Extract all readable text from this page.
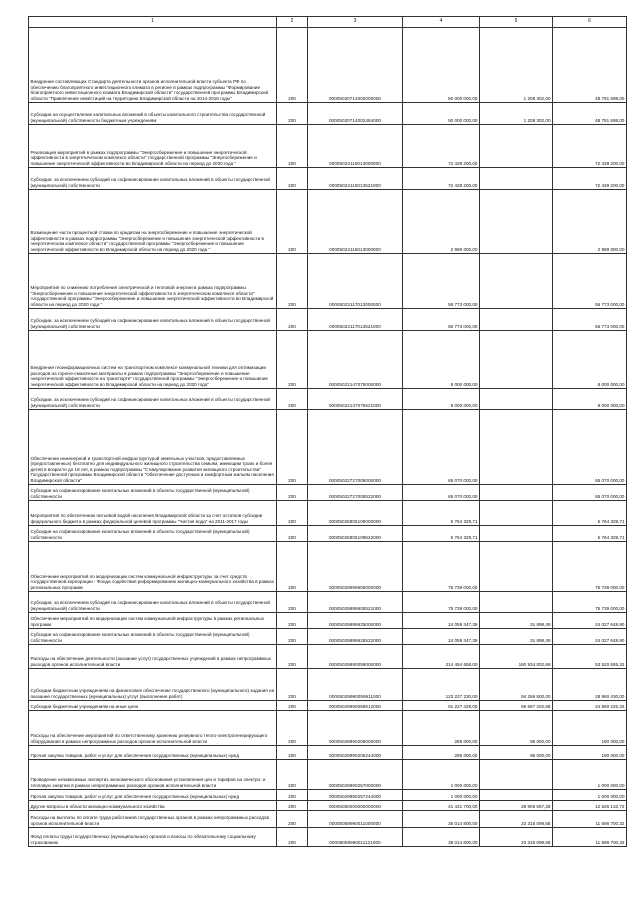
1	2	3	4	5	6
Внедрение составляющих Стандарта деятельности органов исполнительной власти субъекта РФ по обеспечению благоприятного инвестиционного климата в регионе в рамках подпрограммы "Формирование благоприятного инвестиционного климата Владимирской области" государственной программы Владимирской области "Привлечение инвестиций на территорию Владимирской области на 2014-2018 годы"	200	00005020714002000000	50 000 000,00	1 208 302,00	48 791 698,00
Субсидии на осуществление капитальных вложений в объекты капитального строительства государственной (муниципальной) собственности бюджетным учреждениям	200	00005020714002464000	50 000 000,00	1 208 302,00	48 791 698,00
Реализация мероприятий в рамках подпрограммы "Энергосбережение и повышение энергетической эффективности в энергетическом комплексе области" государственной программы "Энергосбережение и повышение энергетической эффективности во Владимирской области на период до 2020 года "	200	00005022115013000000	72 439 200,00		72 439 200,00
Субсидии, за исключением субсидий на софинансирование капитальных вложений в объекты государственной (муниципальной) собственности	200	00005022115013521000	72 439 200,00		72 439 200,00
Возмещение части процентной ставки по кредитам на энергосбережение и повышение энергетической эффективности в рамках подпрограммы "Энергосбережение и повышение энергетической эффективности в энергетическом комплексе области" государственной программы "Энергосбережение и повышение энергетической эффективности во Владимирской области на период до 2020 года "	200	00005022116013000000	2 989 000,00		2 989 000,00
Мероприятия по снижению потребления электрической и тепловой энергии в рамках подпрограммы "Энергосбережение и повышение энергетической эффективности в энергетическом комплексе области" государственной программы "Энергосбережение и повышение энергетической эффективности во Владимирской области на период до 2020 года "	200	00005022117013000000	56 773 000,00		56 773 000,00
Субсидии, за исключением субсидий на софинансирование капитальных вложений в объекты государственной (муниципальной) собственности	200	00005022117013521000	56 773 000,00		56 773 000,00
Внедрение геоинформационных систем на транспортном комплексе коммунальной техники для оптимизации расходов на горюче-смазочные материалы в рамках подпрограммы "Энергосбережение и повышение энергетической эффективности на транспорте" государственной программы "Энергосбережение и повышение энергетической эффективности во Владимирской области на период до 2020 года"	200	00005022147075000000	8 000 000,00		8 000 000,00
Субсидии, за исключением субсидий на софинансирование капитальных вложений в объекты государственной (муниципальной) собственности	200	00005022147075521000	8 000 000,00		8 000 000,00
Обеспечение инженерной и транспортной инфраструктурой земельных участков, предоставляемых (предоставленных) бесплатно для индивидуального жилищного строительства семьям, имеющим троих и более детей в возрасте до 18 лет, в рамках подпрограммы "Стимулирование развития жилищного строительства" Государственной программы Владимирской области "Обеспечение доступным и комфортным жильем населения Владимирской области"	200	00005022727005000000	65 070 000,00		65 070 000,00
Субсидии на софинансирование капитальных вложений в объекты государственной (муниципальной) собственности	200	00005022727005522000	65 070 000,00		65 070 000,00
Мероприятия по обеспечению питьевой водой населения Владимирской области за счет остатков субсидии федерального бюджета в рамках федеральной целевой программы "Чистая вода" на 2011-2017 годы	200	00005026805109000000	5 764 329,71		5 764 329,71
Субсидии на софинансирование капитальных вложений в объекты государственной (муниципальной) собственности	200	00005026805109522000	5 764 329,71		5 764 329,71
Обеспечение мероприятий по модернизации систем коммунальной инфраструктуры за счет средств государственной корпорации - Фонда содействия реформированию жилищно-коммунального хозяйства в рамках региональных программ	200	00005029699605000000	75 739 000,00		75 739 000,00
Субсидии, за исключением субсидий на софинансирование капитальных вложений в объекты государственной (муниципальной) собственности	200	00005029699605521000	75 739 000,00		75 739 000,00
Обеспечение мероприятий по модернизации систем коммунальной инфраструктуры в рамках региональных программ	200	00005029699625000000	24 059 347,39	31 698,49	24 027 648,90
Субсидии на софинансирование капитальных вложений в объекты государственной (муниципальной) собственности	200	00005029699625522000	24 059 347,39	31 698,49	24 027 648,90
Расходы на обеспечение деятельности (оказание услуг) государственных учреждений в рамках непрограммных расходов органов исполнительной власти	200	00005029990059000000	214 454 658,00	160 934 002,68	53 520 655,32
Субсидии бюджетным учреждениям на финансовое обеспечение государственного (муниципального) задания на оказание государственных (муниципальных) услуг (выполнение работ)	200	00005029990059611000	123 227 230,00	94 266 800,00	28 960 430,00
Субсидии бюджетным учреждениям на иные цели	200	00005029990059612000	91 227 428,00	66 667 202,68	24 560 225,32
Расходы на обеспечение мероприятий по ответственному хранению резервного тепло-электрогенерирующего оборудования в рамках непрограммных расходов органов исполнительной власти	200	00005029990206000000	285 000,00	95 000,00	190 000,00
Прочая закупка товаров, работ и услуг для обеспечения государственных (муниципальных) нужд	200	00005029990206244000	285 000,00	95 000,00	190 000,00
Проведение независимых экспертиз экономического обоснования установления цен и тарифов на электро- и тепловую энергию в рамках непрограммных расходов органов исполнительной власти	200	00005029990257000000	1 000 000,00		1 000 000,00
Прочая закупка товаров, работ и услуг для обеспечения государственных (муниципальных) нужд	200	00005029990257244000	1 000 000,00		1 000 000,00
Другие вопросы в области жилищно-коммунального хозяйства	200	00005050000000000000	41 431 700,00	28 905 567,28	12 526 132,72
Расходы на выплаты по оплате труда работников государственных органов в рамках непрограммных расходов органов исполнительной власти	200	00005059990011000000	35 014 800,00	23 316 099,68	11 698 700,32
Фонд оплаты труда государственных (муниципальных) органов и взносы по обязательному социальному страхованию	200	00005059990011121000	35 014 800,00	23 316 099,68	11 698 700,32
